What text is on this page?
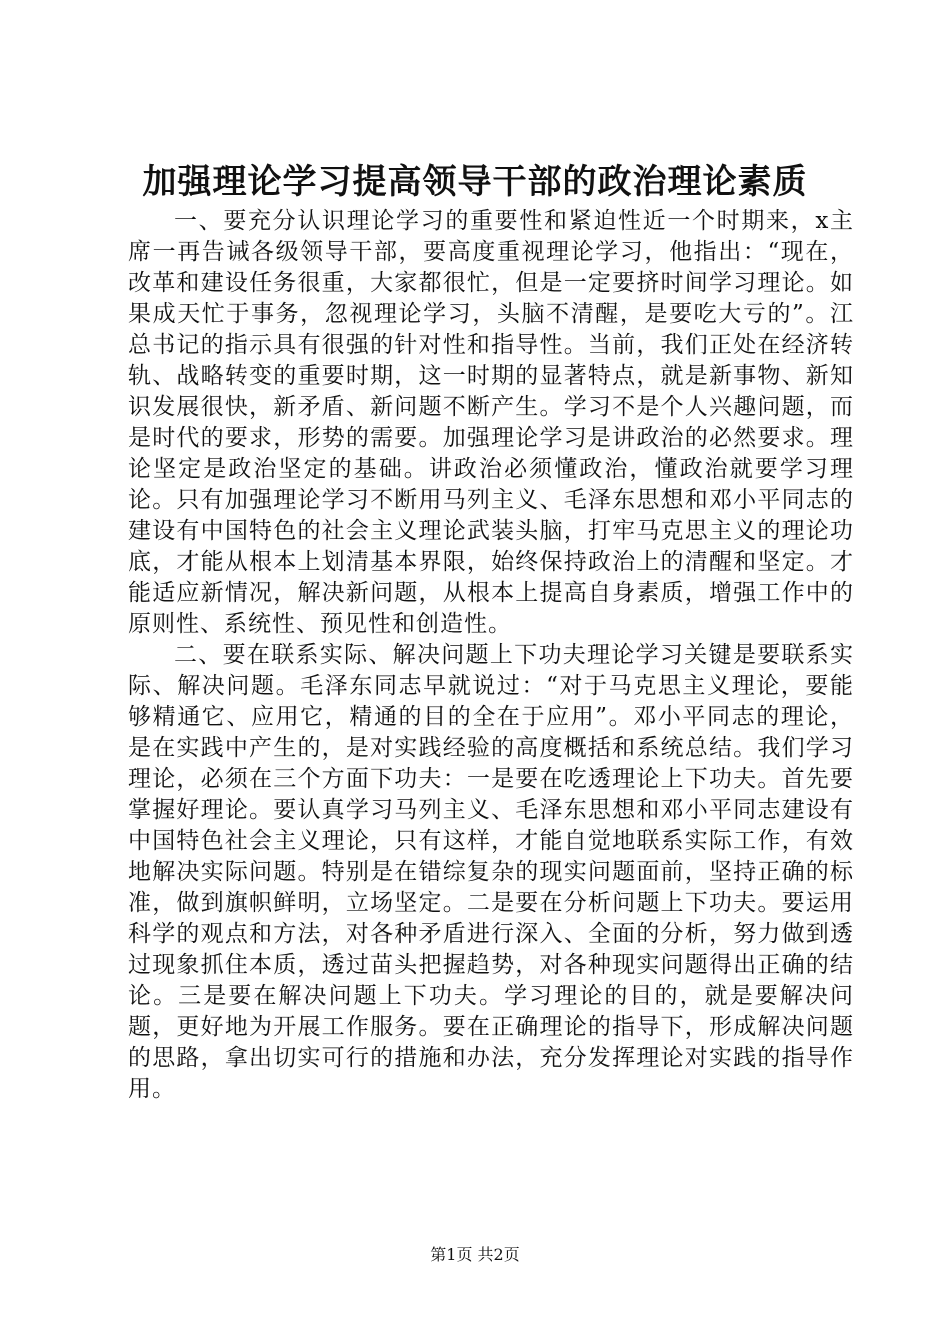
加强理论学习提高领导干部的政治理论素质

一、要充分认识理论学习的重要性和紧迫性近一个时期来，x主席一再告诫各级领导干部，要高度重视理论学习，他指出：“现在，改革和建设任务很重，大家都很忙，但是一定要挤时间学习理论。如果成天忙于事务，忽视理论学习，头脑不清醒，是要吃大亏的”。江总书记的指示具有很强的针对性和指导性。当前，我们正处在经济转轨、战略转变的重要时期，这一时期的显著特点，就是新事物、新知识发展很快，新矛盾、新问题不断产生。学习不是个人兴趣问题，而是时代的要求，形势的需要。加强理论学习是讲政治的必然要求。理论坚定是政治坚定的基础。讲政治必须懂政治，懂政治就要学习理论。只有加强理论学习不断用马列主义、毛泽东思想和邓小平同志的建设有中国特色的社会主义理论武装头脑，打牢马克思主义的理论功底，才能从根本上划清基本界限，始终保持政治上的清醒和坚定。才能适应新情况，解决新问题，从根本上提高自身素质，增强工作中的原则性、系统性、预见性和创造性。

二、要在联系实际、解决问题上下功夫理论学习关键是要联系实际、解决问题。毛泽东同志早就说过：“对于马克思主义理论，要能够精通它、应用它，精通的目的全在于应用”。邓小平同志的理论，是在实践中产生的，是对实践经验的高度概括和系统总结。我们学习理论，必须在三个方面下功夫：一是要在吃透理论上下功夫。首先要掌握好理论。要认真学习马列主义、毛泽东思想和邓小平同志建设有中国特色社会主义理论，只有这样，才能自觉地联系实际工作，有效地解决实际问题。特别是在错综复杂的现实问题面前，坚持正确的标准，做到旗帜鲜明，立场坚定。二是要在分析问题上下功夫。要运用科学的观点和方法，对各种矛盾进行深入、全面的分析，努力做到透过现象抓住本质，透过苗头把握趋势，对各种现实问题得出正确的结论。三是要在解决问题上下功夫。学习理论的目的，就是要解决问题，更好地为开展工作服务。要在正确理论的指导下，形成解决问题的思路，拿出切实可行的措施和办法，充分发挥理论对实践的指导作用。

第1页 共2页
